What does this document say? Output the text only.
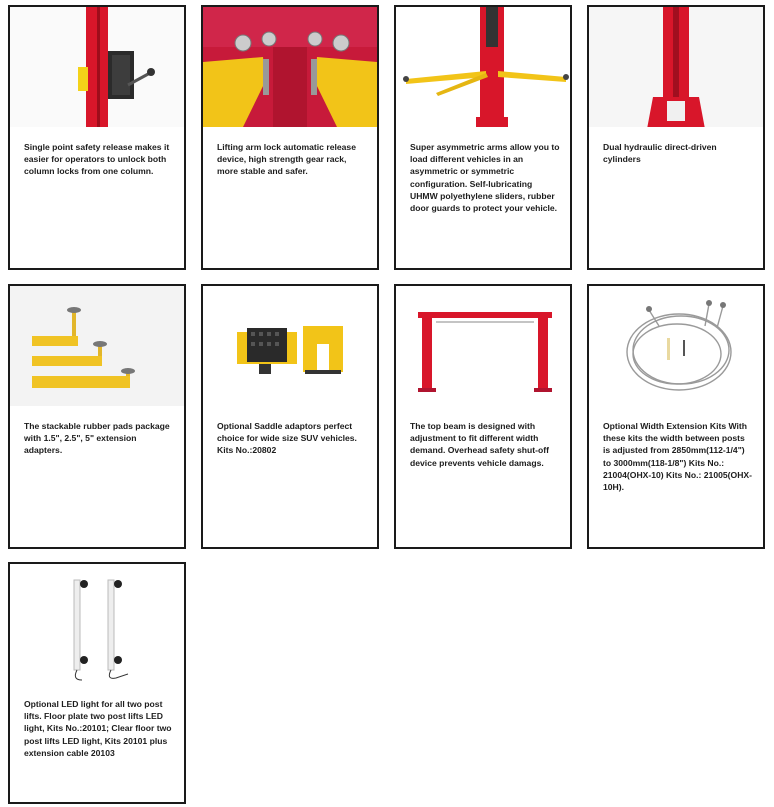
Single point safety release makes it easier for operators to unlock both column locks from one column.
Lifting arm lock automatic release device, high strength gear rack, more stable and safer.
Super asymmetric arms allow you to load different vehicles in an asymmetric or symmetric configuration. Self-lubricating UHMW polyethylene sliders, rubber door guards to protect your vehicle.
Dual hydraulic direct-driven cylinders
The stackable rubber pads package with 1.5", 2.5", 5" extension adapters.
Optional Saddle adaptors perfect choice for wide size SUV vehicles. Kits No.:20802
The top beam is designed with adjustment to fit different width demand. Overhead safety shut-off device prevents vehicle damags.
Optional Width Extension Kits With these kits the width between posts is adjusted from 2850mm(112-1/4") to 3000mm(118-1/8") Kits No.: 21004(OHX-10) Kits No.: 21005(OHX-10H).
Optional LED light for all two post lifts. Floor plate two post lifts LED light, Kits No.:20101; Clear floor two post lifts LED light, Kits 20101 plus extension cable 20103
